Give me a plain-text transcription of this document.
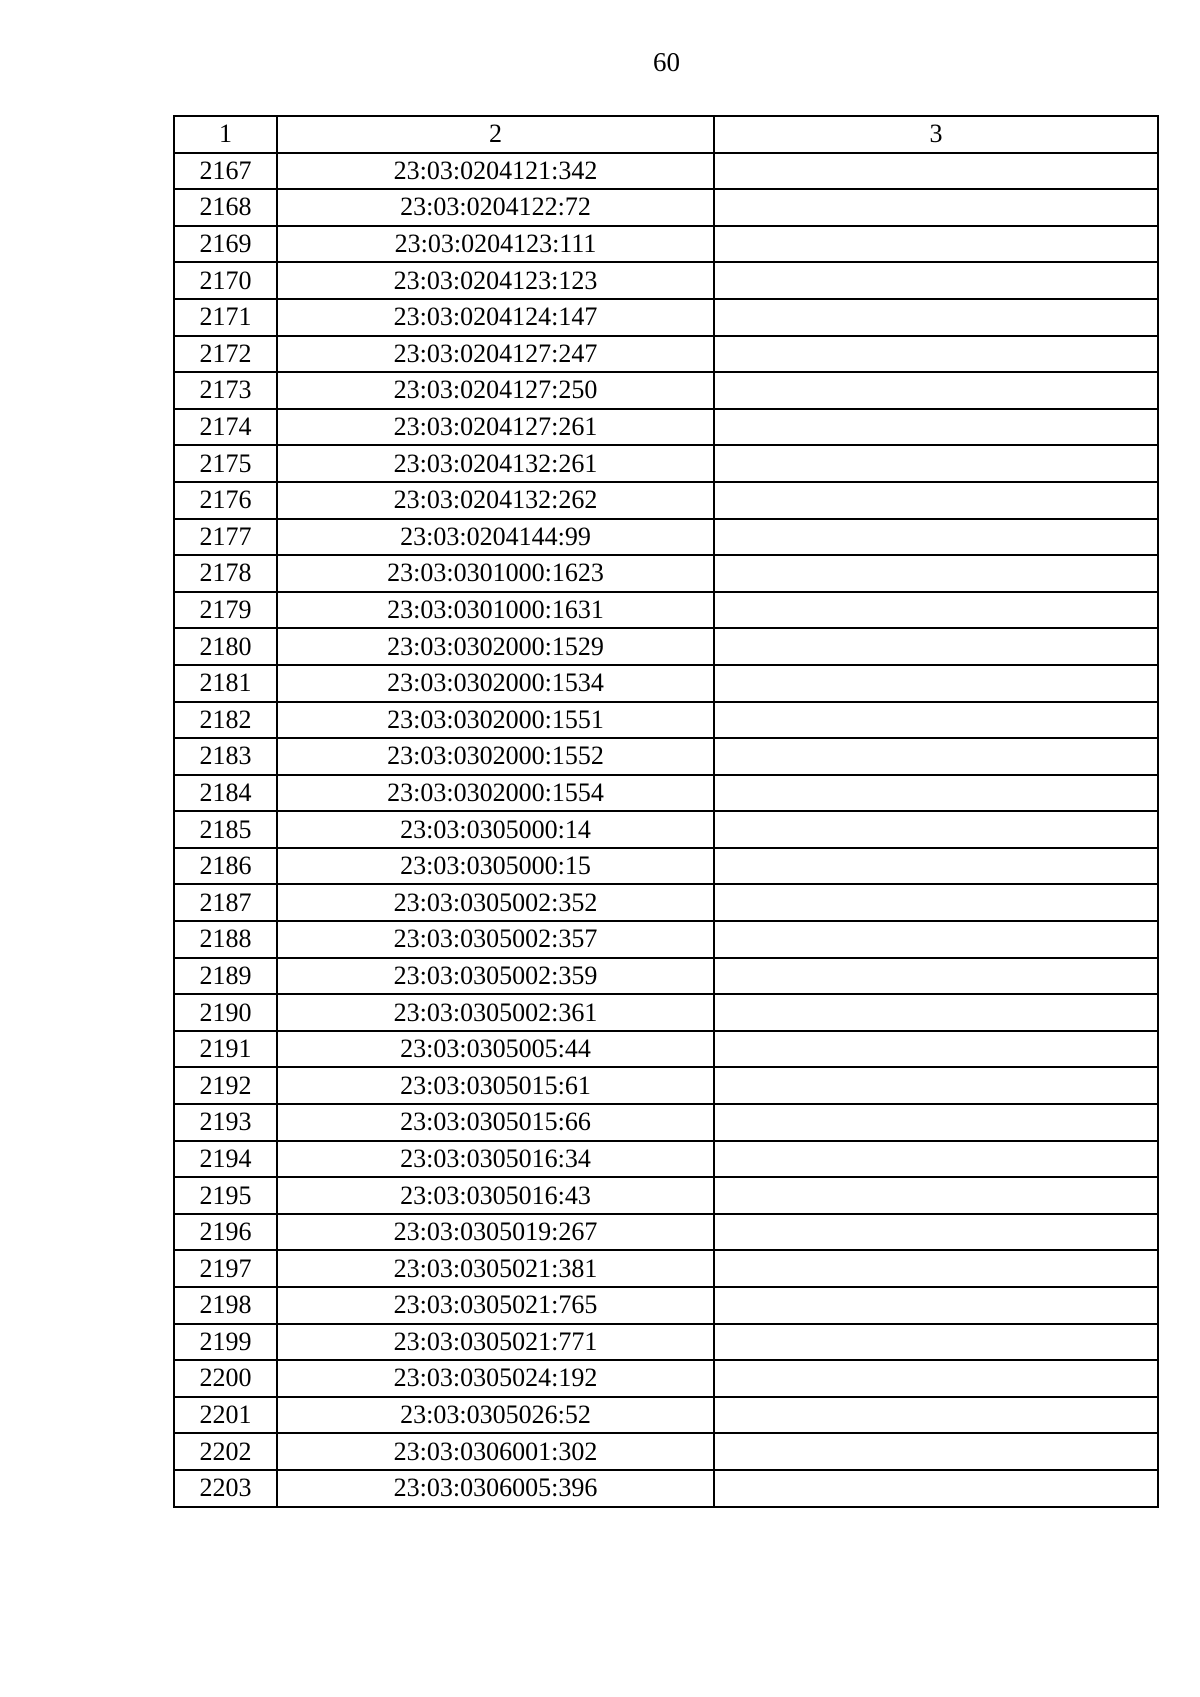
60
1	2	3
2167	23:03:0204121:342	
2168	23:03:0204122:72	
2169	23:03:0204123:111	
2170	23:03:0204123:123	
2171	23:03:0204124:147	
2172	23:03:0204127:247	
2173	23:03:0204127:250	
2174	23:03:0204127:261	
2175	23:03:0204132:261	
2176	23:03:0204132:262	
2177	23:03:0204144:99	
2178	23:03:0301000:1623	
2179	23:03:0301000:1631	
2180	23:03:0302000:1529	
2181	23:03:0302000:1534	
2182	23:03:0302000:1551	
2183	23:03:0302000:1552	
2184	23:03:0302000:1554	
2185	23:03:0305000:14	
2186	23:03:0305000:15	
2187	23:03:0305002:352	
2188	23:03:0305002:357	
2189	23:03:0305002:359	
2190	23:03:0305002:361	
2191	23:03:0305005:44	
2192	23:03:0305015:61	
2193	23:03:0305015:66	
2194	23:03:0305016:34	
2195	23:03:0305016:43	
2196	23:03:0305019:267	
2197	23:03:0305021:381	
2198	23:03:0305021:765	
2199	23:03:0305021:771	
2200	23:03:0305024:192	
2201	23:03:0305026:52	
2202	23:03:0306001:302	
2203	23:03:0306005:396	
